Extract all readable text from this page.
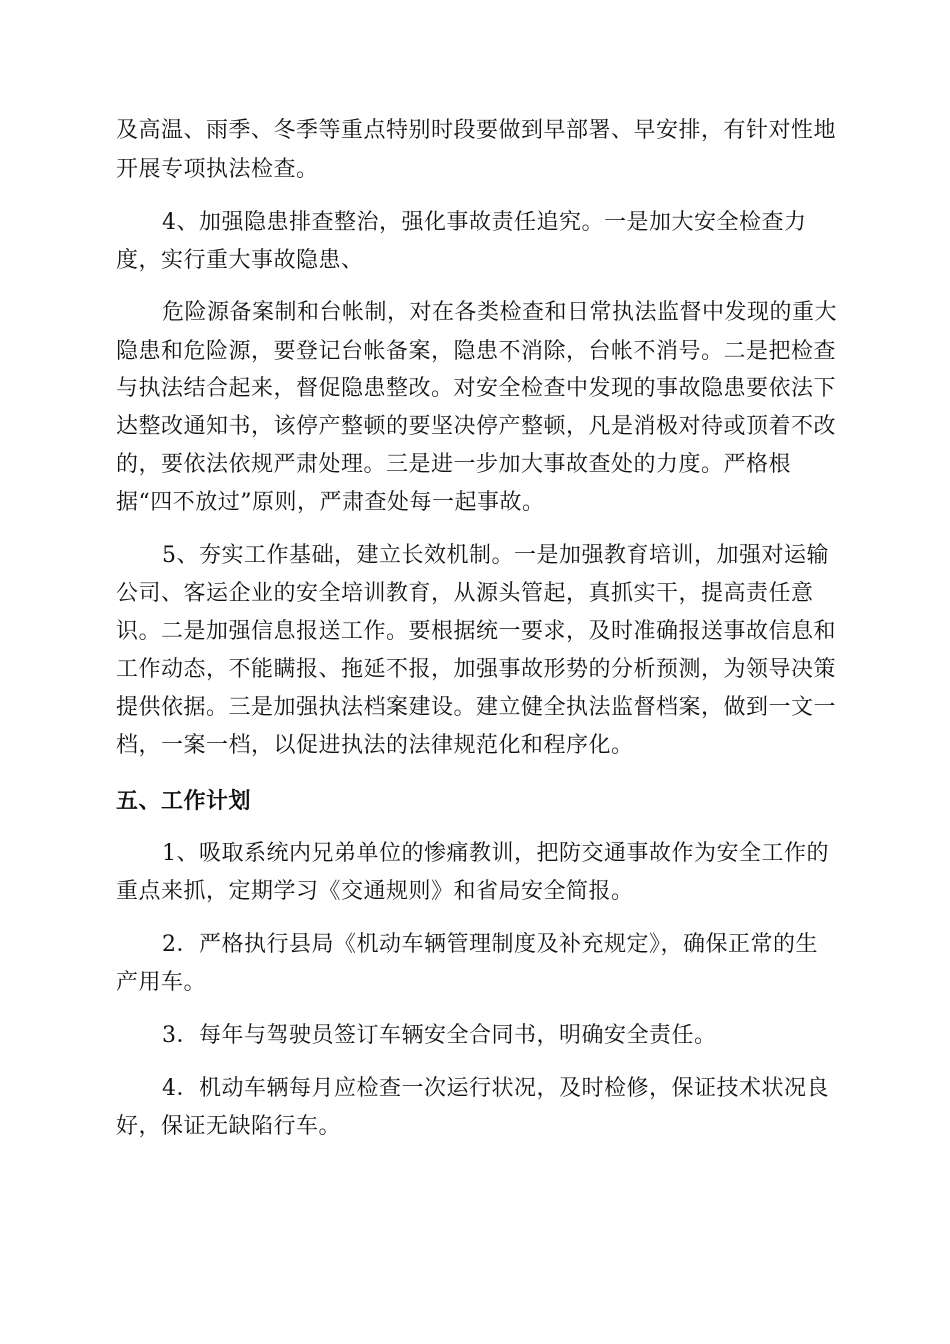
及高温、雨季、冬季等重点特别时段要做到早部署、早安排，有针对性地
开展专项执法检查。
4、加强隐患排查整治，强化事故责任追究。一是加大安全检查力
度，实行重大事故隐患、
危险源备案制和台帐制，对在各类检查和日常执法监督中发现的重大
隐患和危险源，要登记台帐备案，隐患不消除，台帐不消号。二是把检查
与执法结合起来，督促隐患整改。对安全检查中发现的事故隐患要依法下
达整改通知书，该停产整顿的要坚决停产整顿，凡是消极对待或顶着不改
的，要依法依规严肃处理。三是进一步加大事故查处的力度。严格根
据“四不放过”原则，严肃查处每一起事故。
5、夯实工作基础，建立长效机制。一是加强教育培训，加强对运输
公司、客运企业的安全培训教育，从源头管起，真抓实干，提高责任意
识。二是加强信息报送工作。要根据统一要求，及时准确报送事故信息和
工作动态，不能瞒报、拖延不报，加强事故形势的分析预测，为领导决策
提供依据。三是加强执法档案建设。建立健全执法监督档案，做到一文一
档，一案一档，以促进执法的法律规范化和程序化。
五、工作计划
1、吸取系统内兄弟单位的惨痛教训，把防交通事故作为安全工作的
重点来抓，定期学习《交通规则》和省局安全简报。
2．严格执行县局《机动车辆管理制度及补充规定》，确保正常的生
产用车。
3．每年与驾驶员签订车辆安全合同书，明确安全责任。
4．机动车辆每月应检查一次运行状况，及时检修，保证技术状况良
好，保证无缺陷行车。
